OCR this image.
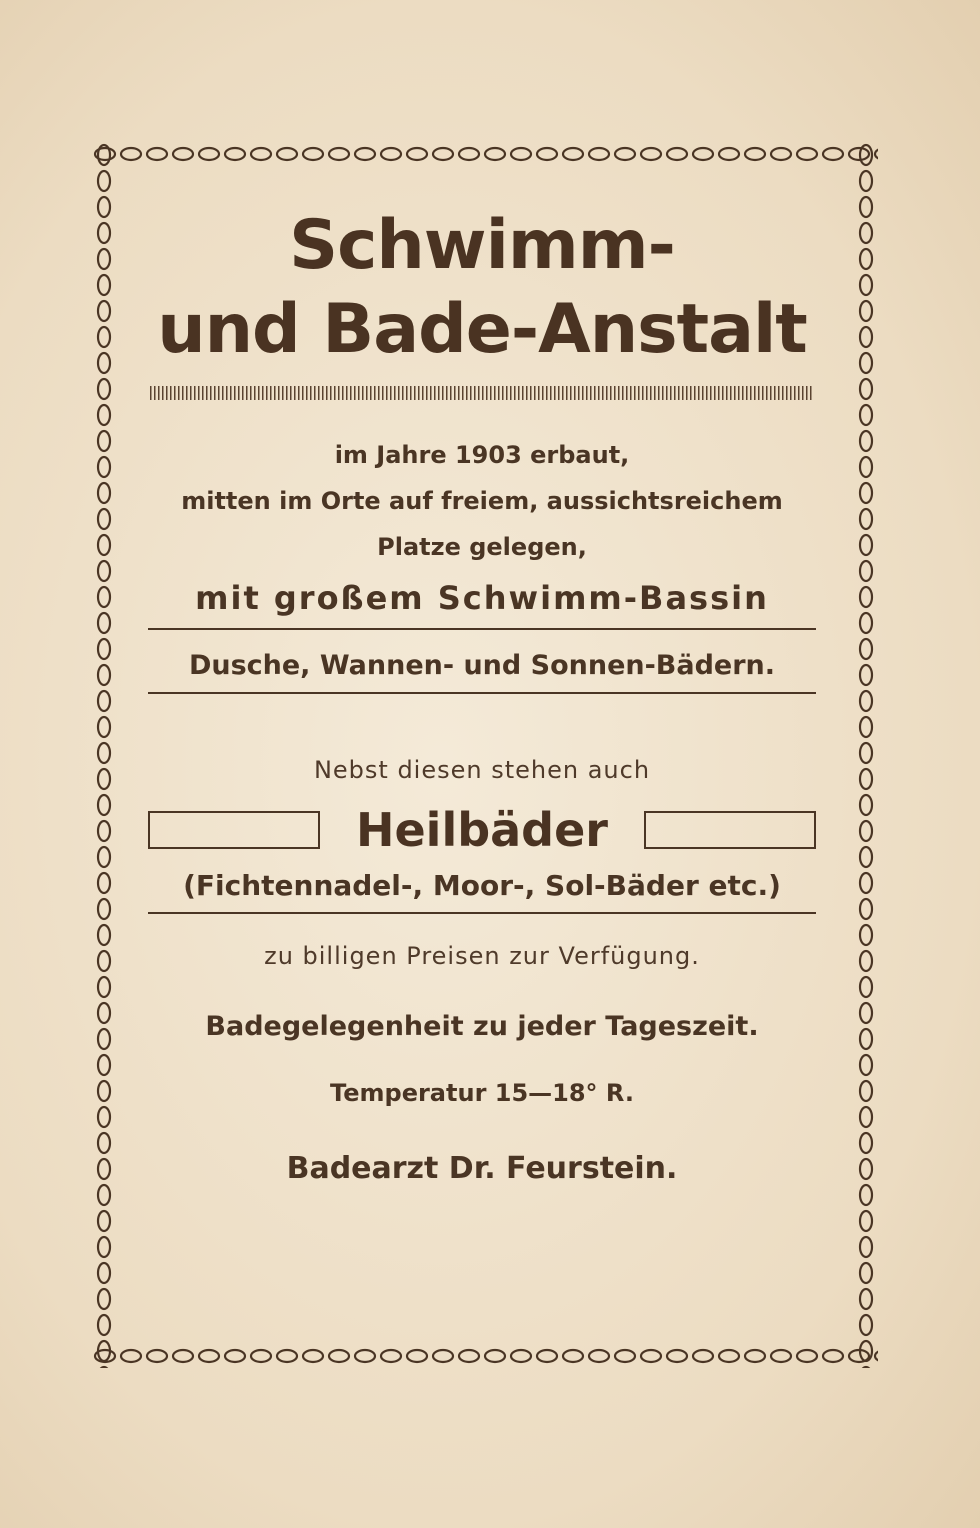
Schwimm-
und Bade-Anstalt
im Jahre 1903 erbaut,
mitten im Orte auf freiem, aussichtsreichem
Platze gelegen,
mit großem Schwimm-Bassin
Dusche, Wannen- und Sonnen-Bädern.
Nebst diesen stehen auch
Heilbäder
(Fichtennadel-, Moor-, Sol-Bäder etc.)
zu billigen Preisen zur Verfügung.
Badegelegenheit zu jeder Tageszeit.
Temperatur 15—18° R.
Badearzt Dr. Feurstein.
